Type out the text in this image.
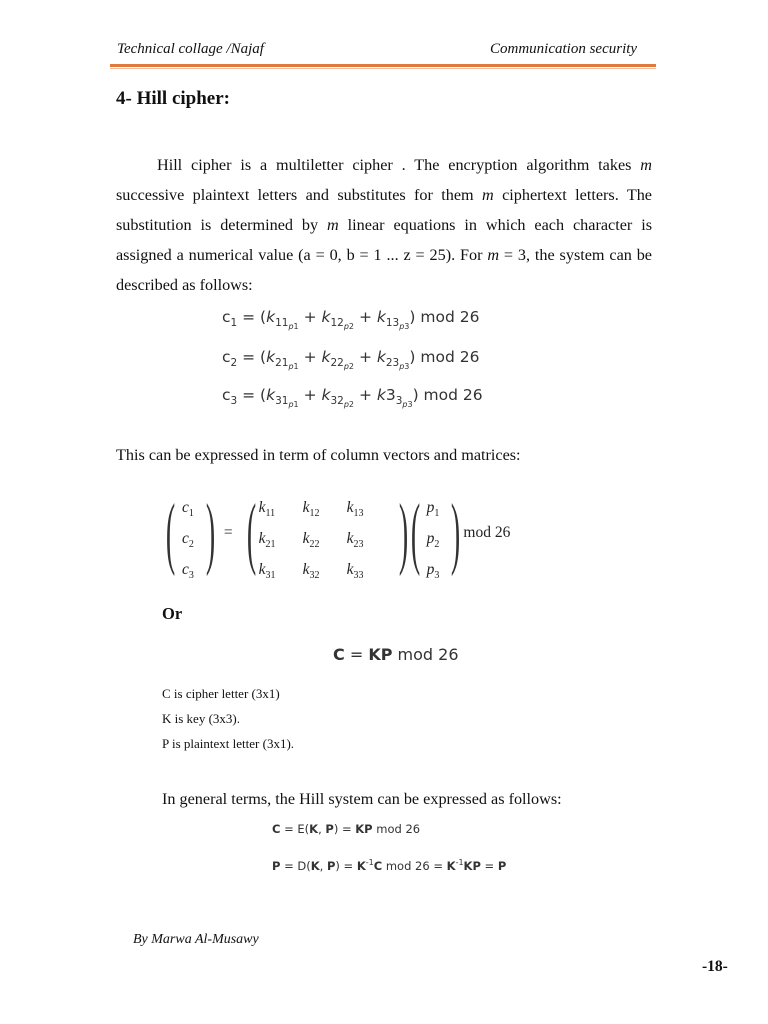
Technical collage /Najaf	Communication security
4- Hill cipher:

Hill cipher is a multiletter cipher . The encryption algorithm takes m successive plaintext letters and substitutes for them m ciphertext letters. The substitution is determined by m linear equations in which each character is assigned a numerical value (a = 0, b = 1 ... z = 25). For m = 3, the system can be described as follows:

$c_1 = (k_{11_{p1}} + k_{12_{p2}} + k_{13_{p3}})$ mod 26
$c_2 = (k_{21_{p1}} + k_{22_{p2}} + k_{23_{p3}})$ mod 26
$c_3 = (k_{31_{p1}} + k_{32_{p2}} + k3_{3_{p3}})$ mod 26
This can be expressed in term of column vectors and matrices:
( $c_1$
$c_2$
$c_3$ ) = ( $k_{11}$	$k_{12}$	$k_{13}$
$k_{21}$	$k_{22}$	$k_{23}$
$k_{31}$	$k_{32}$	$k_{33}$ ) ( $p_1$
$p_2$
$p_3$ ) mod 26
Or
C = KP mod 26
C is cipher letter (3x1)
K is key (3x3).
P is plaintext letter (3x1).
In general terms, the Hill system can be expressed as follows:
C = E(K, P) = KP mod 26
P = D(K, $P) = K^{-1}C$ mod $26 = K^{-1}KP = P$
By Marwa Al-Musawy
-18-
